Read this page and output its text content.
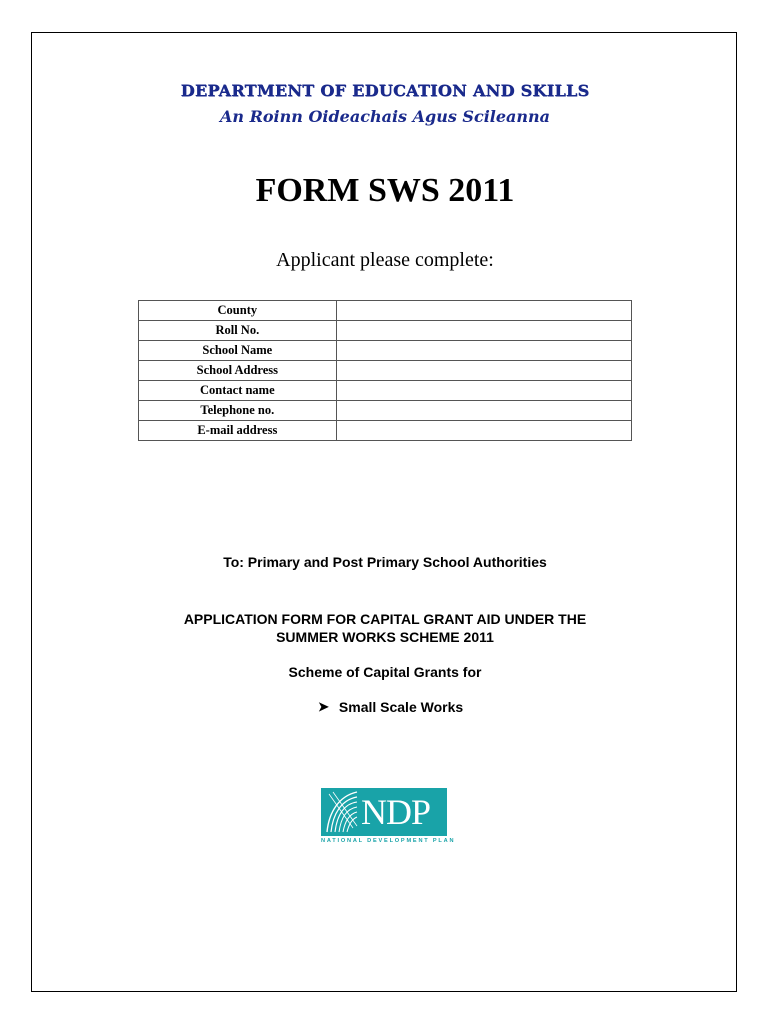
DEPARTMENT OF EDUCATION AND SKILLS
An Roinn Oideachais Agus Scileanna
FORM SWS 2011
Applicant please complete:
County	
Roll No.	
School Name	
School Address	
Contact name	
Telephone no.	
E-mail address	
To: Primary and Post Primary School Authorities
APPLICATION FORM FOR CAPITAL GRANT AID UNDER THE
SUMMER WORKS SCHEME 2011
Scheme of Capital Grants for
➤ Small Scale Works
NDP
NATIONAL DEVELOPMENT PLAN
